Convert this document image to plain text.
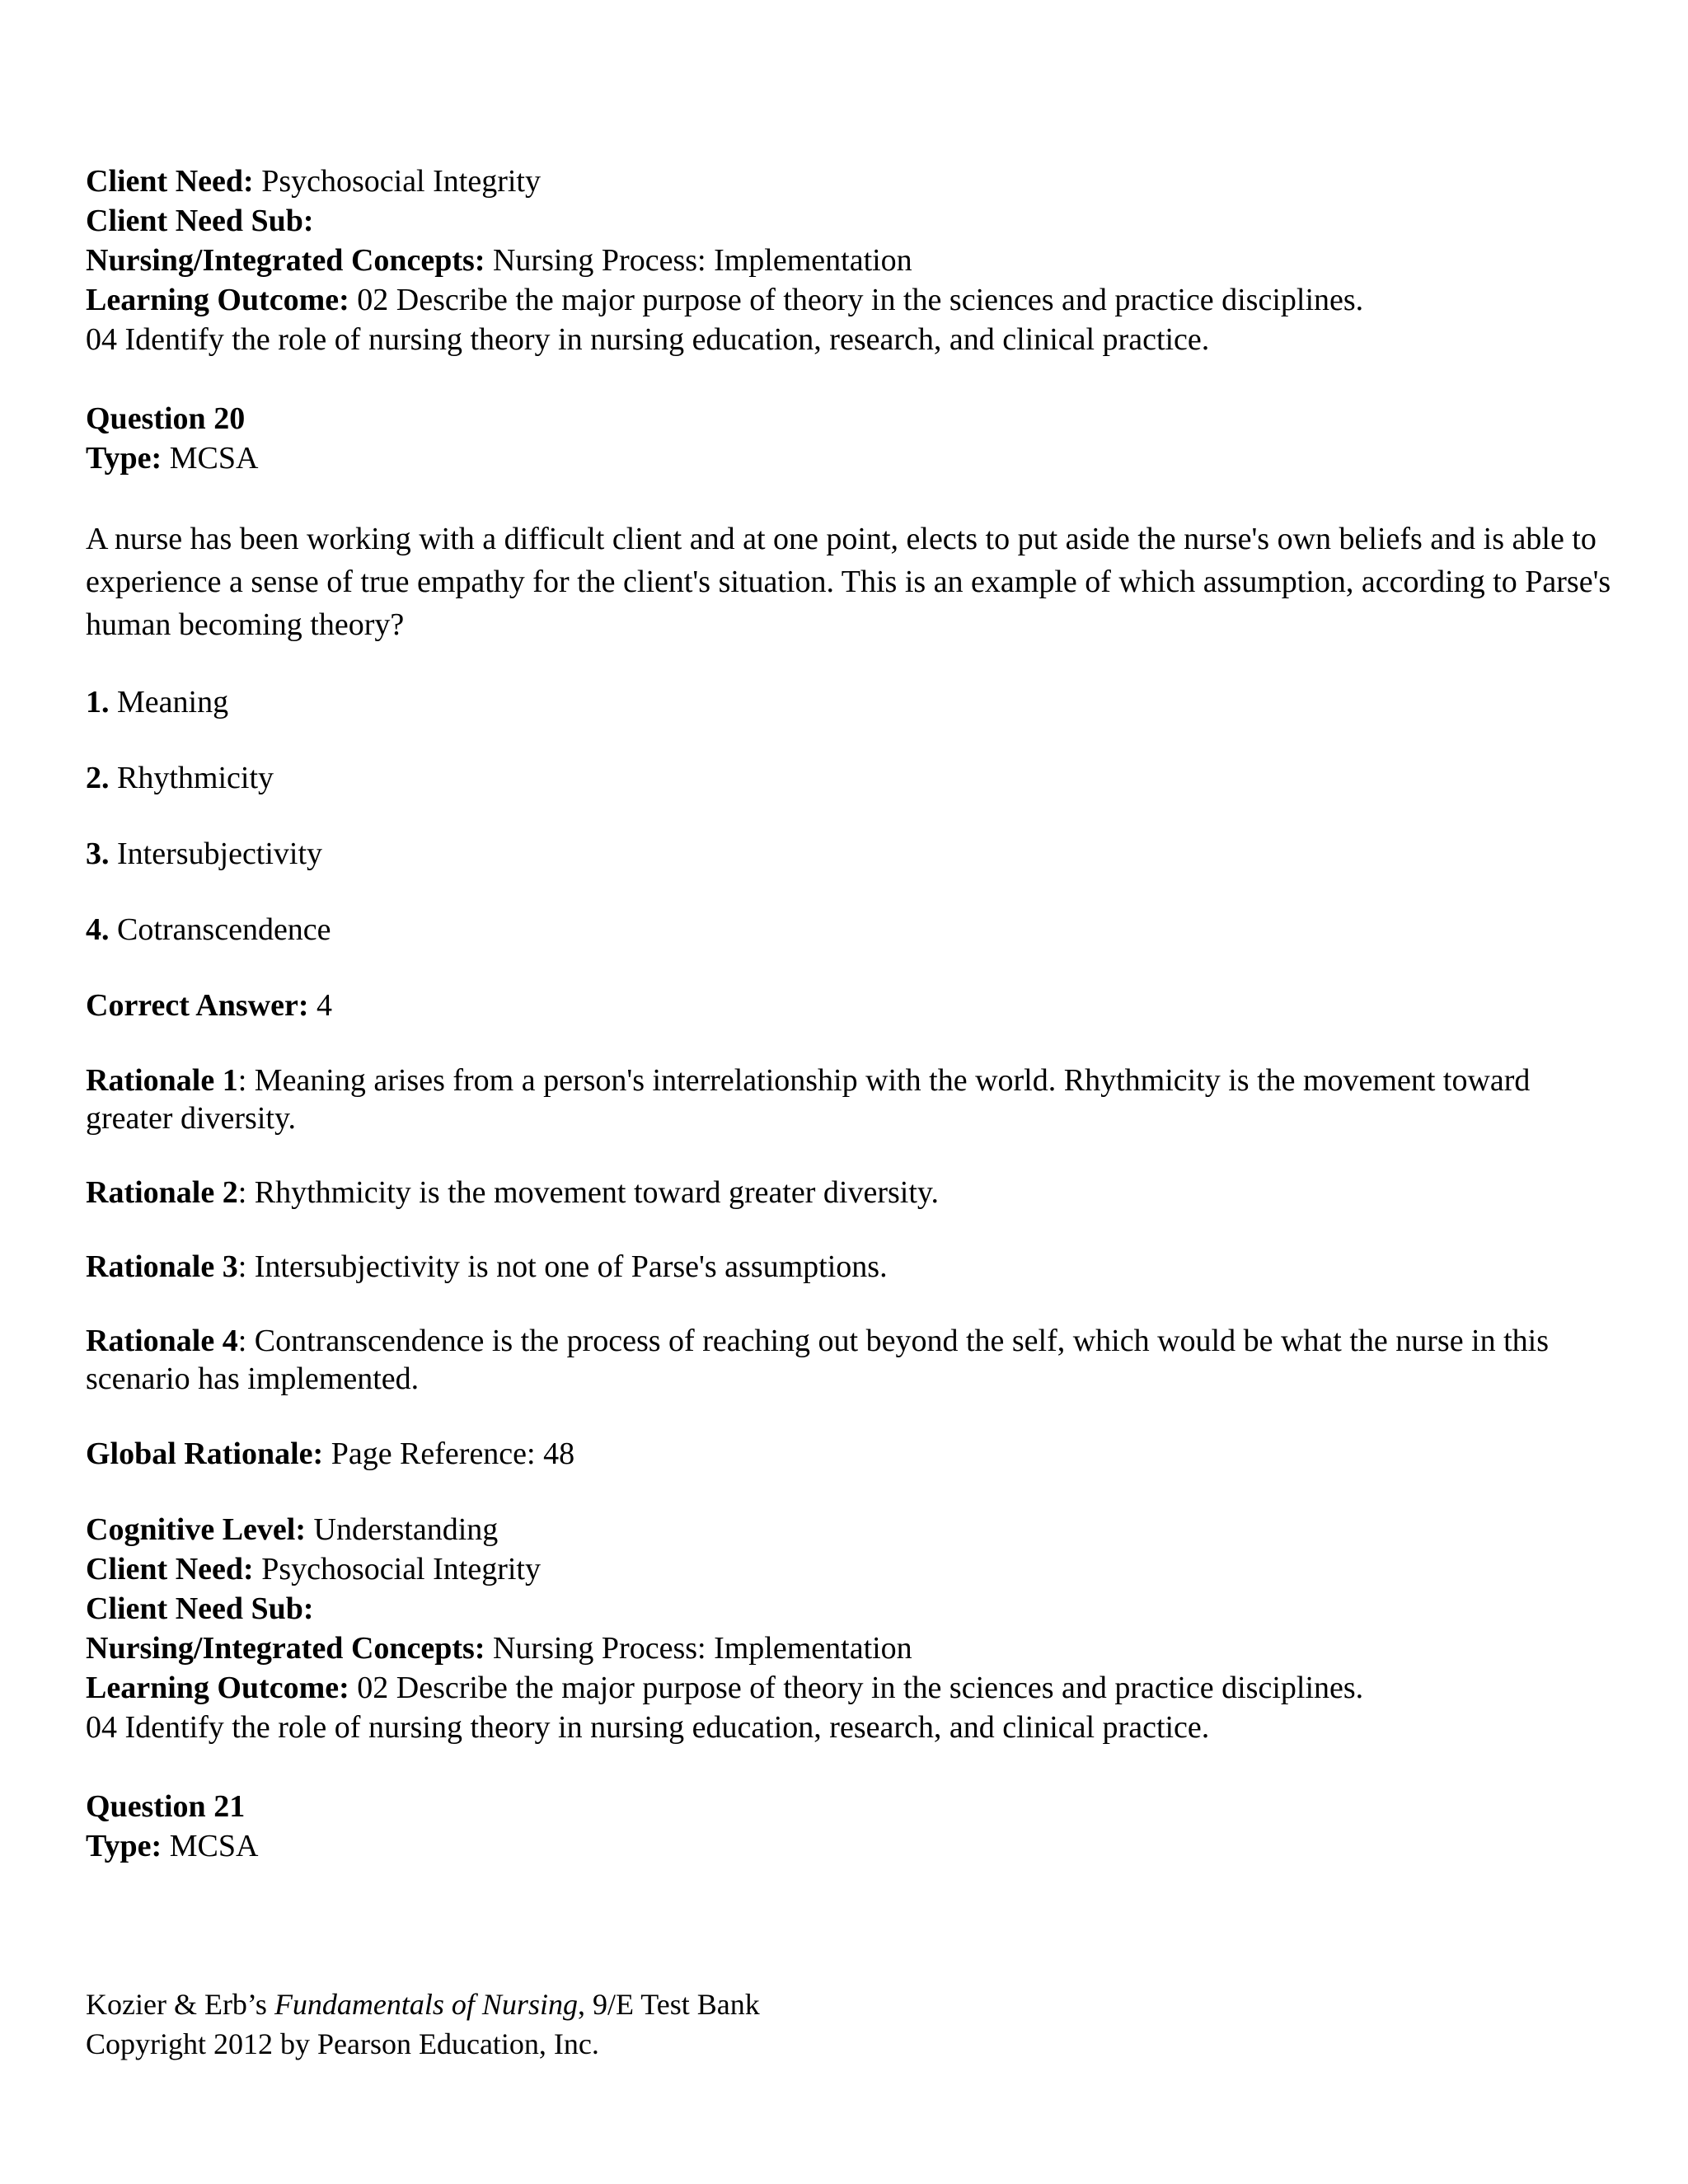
Client Need: Psychosocial Integrity
Client Need Sub:
Nursing/Integrated Concepts: Nursing Process: Implementation
Learning Outcome: 02 Describe the major purpose of theory in the sciences and practice disciplines.
04 Identify the role of nursing theory in nursing education, research, and clinical practice.
Question 20
Type: MCSA
A nurse has been working with a difficult client and at one point, elects to put aside the nurse's own beliefs and is able to experience a sense of true empathy for the client's situation. This is an example of which assumption, according to Parse's human becoming theory?
1. Meaning
2. Rhythmicity
3. Intersubjectivity
4. Cotranscendence
Correct Answer: 4
Rationale 1: Meaning arises from a person's interrelationship with the world. Rhythmicity is the movement toward greater diversity.
Rationale 2: Rhythmicity is the movement toward greater diversity.
Rationale 3: Intersubjectivity is not one of Parse's assumptions.
Rationale 4: Contranscendence is the process of reaching out beyond the self, which would be what the nurse in this scenario has implemented.
Global Rationale: Page Reference: 48
Cognitive Level: Understanding
Client Need: Psychosocial Integrity
Client Need Sub:
Nursing/Integrated Concepts: Nursing Process: Implementation
Learning Outcome: 02 Describe the major purpose of theory in the sciences and practice disciplines.
04 Identify the role of nursing theory in nursing education, research, and clinical practice.
Question 21
Type: MCSA
Kozier & Erb’s Fundamentals of Nursing, 9/E Test Bank
Copyright 2012 by Pearson Education, Inc.
